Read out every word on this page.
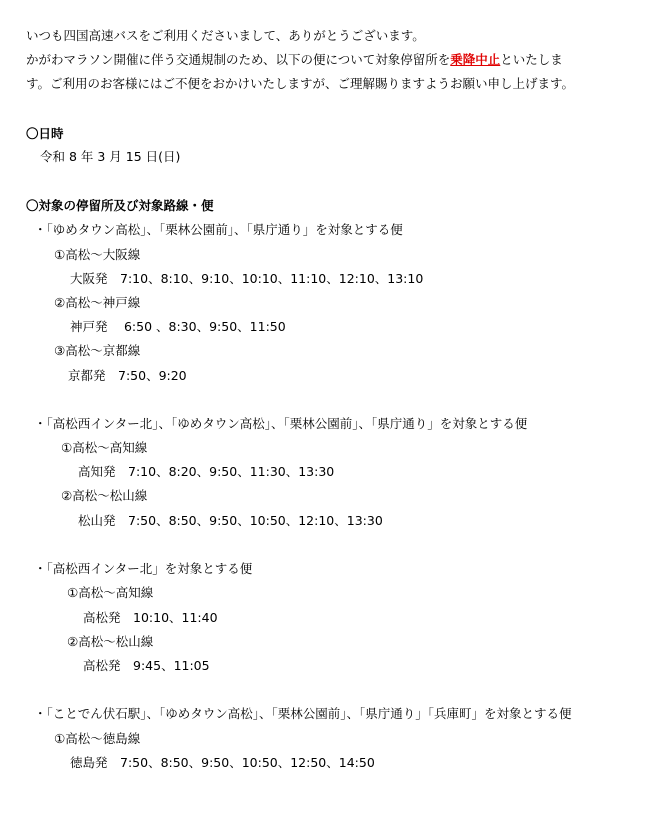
いつも四国高速バスをご利用くださいまして、ありがとうございます。
かがわマラソン開催に伴う交通規制のため、以下の便について対象停留所を乗降中止といたしま
す。ご利用のお客様にはご不便をおかけいたしますが、ご理解賜りますようお願い申し上げます。
〇日時
令和 8 年 3 月 15 日(日)
〇対象の停留所及び対象路線・便
・「ゆめタウン高松」、「栗林公園前」、「県庁通り」を対象とする便
①高松～大阪線
大阪発　7:10、8:10、9:10、10:10、11:10、12:10、13:10
②高松～神戸線
神戸発　 6:50 、8:30、9:50、11:50
③高松～京都線
京都発　7:50、9:20
・「高松西インター北」、「ゆめタウン高松」、「栗林公園前」、「県庁通り」を対象とする便
①高松～高知線
高知発　7:10、8:20、9:50、11:30、13:30
②高松～松山線
松山発　7:50、8:50、9:50、10:50、12:10、13:30
・「高松西インター北」を対象とする便
①高松～高知線
高松発　10:10、11:40
②高松～松山線
高松発　9:45、11:05
・「ことでん伏石駅」、「ゆめタウン高松」、「栗林公園前」、「県庁通り」「兵庫町」を対象とする便
①高松～徳島線
徳島発　7:50、8:50、9:50、10:50、12:50、14:50
